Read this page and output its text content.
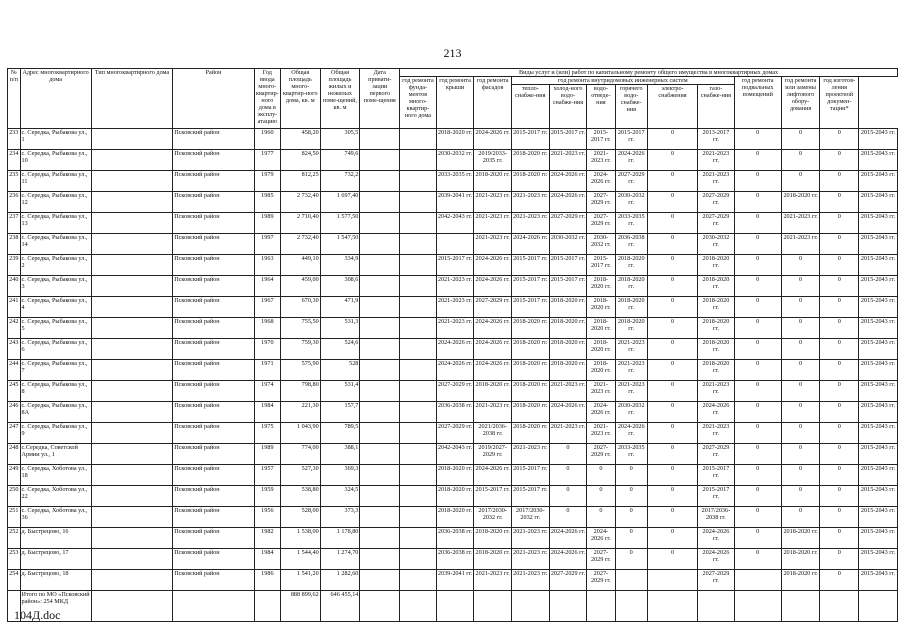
213
№ п/п	Адрес многоквартирного дома	Тип многоквартирного дома	Район	Год ввода много-квартир-ного дома в эксплу-атацию	Общая площадь много-квартир-ного дома, кв. м	Общая площадь жилых и нежилых поме-щений, кв. м	Дата привати-зации первого поме-щения	Виды услуг и (или) работ по капитальному ремонту общего имущества в многоквартирных домах												
								год ремонта фунда-ментов много-квартир-ного дома	год ремонта крыши	год ремонта фасадов	год ремонта внутридомовых инженерных систем						год ремонта подвальных помещений	год ремонта или замены лифтового обору-дования	год изготов-ления проектной докумен-тации*	
											тепло-снабже-ния	холод-ного водо-снабже-ния	водо-отведе-ния	горячего водо-снабже-ния	электро-снабжения	газо-снабже-ния				
233	с. Середка, Рыбакова ул., 1		Псковский район	1960	458,20	305,5			2018-2020 гг.	2024-2026 гг.	2015-2017 гг.	2015-2017 гг.	2015-2017 гг.	2015-2017 гг.	0	2013-2017 гг.	0	0	0	2015-2043 гг.
234	с. Середка, Рыбакова ул., 10		Псковский район	1977	824,50	749,6			2030-2032 гг.	2019/2033-2035 гг.	2018-2020 гг.	2021-2023 гг.	2021-2023 гг.	2024-2026 гг.	0	2021-2023 гг.	0	0	0	2015-2043 гг.
235	с. Середка, Рыбакова ул., 11		Псковский район	1979	812,25	732,2			2033-2035 гг.	2018-2020 гг.	2018-2020 гг.	2024-2026 гг.	2024-2026 гг.	2027-2029 гг.	0	2021-2023 гг.	0	0	0	2015-2043 гг.
236	с. Середка, Рыбакова ул., 12		Псковский район	1985	2 732,40	1 697,40			2039-2041 гг.	2021-2023 гг.	2021-2023 гг.	2024-2026 гг.	2027-2029 гг.	2030-2032 гг.	0	2027-2029 гг.	0	2018-2020 гг.	0	2015-2043 гг.
237	с. Середка, Рыбакова ул., 13		Псковский район	1989	2 710,40	1 577,50			2042-2043 гг.	2021-2023 гг.	2021-2023 гг.	2027-2029 гг.	2027-2029 гг.	2033-2035 гг.	0	2027-2029 гг.	0	2021-2023 гг.	0	2015-2043 гг.
238	с. Середка, Рыбакова ул., 14		Псковский район	1997	2 732,40	1 547,50				2021-2023 гг.	2024-2026 гг.	2030-2032 гг.	2030-2032 гг.	2036-2038 гг.	0	2030-2032 гг.	0	2021-2023 гг.	0	2015-2043 гг.
239	с. Середка, Рыбакова ул., 2		Псковский район	1963	449,10	334,9			2015-2017 гг.	2024-2026 гг.	2015-2017 гг.	2015-2017 гг.	2015-2017 гг.	2018-2020 гг.	0	2018-2020 гг.	0	0	0	2015-2043 гг.
240	с. Середка, Рыбакова ул., 3		Псковский район	1964	459,00	308,6			2021-2023 гг.	2024-2026 гг.	2015-2017 гг.	2015-2017 гг.	2018-2020 гг.	2018-2020 гг.	0	2018-2020 гг.	0	0	0	2015-2043 гг.
241	с. Середка, Рыбакова ул., 4		Псковский район	1967	670,30	471,9			2021-2023 гг.	2027-2029 гг.	2015-2017 гг.	2018-2020 гг.	2018-2020 гг.	2018-2020 гг.	0	2018-2020 гг.	0	0	0	2015-2043 гг.
242	с. Середка, Рыбакова ул., 5		Псковский район	1968	755,50	531,3			2021-2023 гг.	2024-2026 гг.	2018-2020 гг.	2018-2020 гг.	2018-2020 гг.	2018-2020 гг.	0	2018-2020 гг.	0	0	0	2015-2043 гг.
243	с. Середка, Рыбакова ул., 6		Псковский район	1970	759,30	524,6			2024-2026 гг.	2024-2026 гг.	2018-2020 гг.	2018-2020 гг.	2018-2020 гг.	2021-2023 гг.	0	2018-2020 гг.	0	0	0	2015-2043 гг.
244	с. Середка, Рыбакова ул., 7		Псковский район	1971	575,90	528			2024-2026 гг.	2024-2026 гг.	2018-2020 гг.	2018-2020 гг.	2018-2020 гг.	2021-2023 гг.	0	2018-2020 гг.	0	0	0	2015-2043 гг.
245	с. Середка, Рыбакова ул., 8		Псковский район	1974	798,80	531,4			2027-2029 гг.	2018-2020 гг.	2018-2020 гг.	2021-2023 гг.	2021-2023 гг.	2021-2023 гг.	0	2021-2023 гг.	0	0	0	2015-2043 гг.
246	с. Середка, Рыбакова ул., 8А		Псковский район	1984	221,30	157,7			2036-2038 гг.	2021-2023 гг.	2018-2020 гг.	2024-2026 гг.	2024-2026 гг.	2030-2032 гг.	0	2024-2026 гг.	0	0	0	2015-2043 гг.
247	с. Середка, Рыбакова ул., 9		Псковский район	1975	1 043,90	789,5			2027-2029 гг.	2021/2036-2038 гг.	2018-2020 гг.	2021-2023 гг.	2021-2023 гг.	2024-2026 гг.	0	2021-2023 гг.	0	0	0	2015-2043 гг.
248	с.Середка, Советской Армии ул., 1		Псковский район	1989	774,00	388,1			2042-2043 гг.	2019/2027-2029 гг.	2021-2023 гг.	0	2027-2029 гг.	2033-2035 гг.	0	2027-2029 гг.	0	0	0	2015-2043 гг.
249	с. Середка, Хоботова ул., 18		Псковский район	1957	527,30	369,3			2018-2020 гг.	2024-2026 гг.	2015-2017 гг.	0	0	0	0	2015-2017 гг.	0	0	0	2015-2043 гг.
250	с. Середка, Хоботова ул., 22		Псковский район	1959	538,80	324,5			2018-2020 гг.	2015-2017 гг.	2015-2017 гг.	0	0	0	0	2015-2017 гг.	0	0	0	2015-2043 гг.
251	с. Середка, Хоботова ул., 36		Псковский район	1956	528,00	373,3			2018-2020 гг.	2017/2030-2032 гг.	2017/2030-2032 гг.	0	0	0	0	2017/2036-2038 гг.	0	0	0	2015-2043 гг.
252	д. Быстрецово, 16		Псковский район	1982	1 538,00	1 178,80			2036-2038 гг.	2018-2020 гг.	2021-2023 гг.	2024-2026 гг.	2024-2026 гг.	0	0	2024-2026 гг.	0	2018-2020 гг.	0	2015-2043 гг.
253	д. Быстрецово, 17		Псковский район	1984	1 544,40	1 274,70			2036-2038 гг.	2018-2020 гг.	2021-2023 гг.	2024-2026 гг.	2027-2029 гг.	0	0	2024-2026 гг.	0	2018-2020 гг.	0	2015-2043 гг.
254	д. Быстрецово, 18		Псковский район	1986	1 541,20	1 282,60			2039-2041 гг.	2021-2023 гг.	2021-2023 гг.	2027-2029 гг.	2027-2029 гг.			2027-2029 гг.		2018-2020 гг.	0	2015-2043 гг.
	Итого по МО «Псковский район»: 254 МКД				888 899,62	646 455,14														
104Д.doc
